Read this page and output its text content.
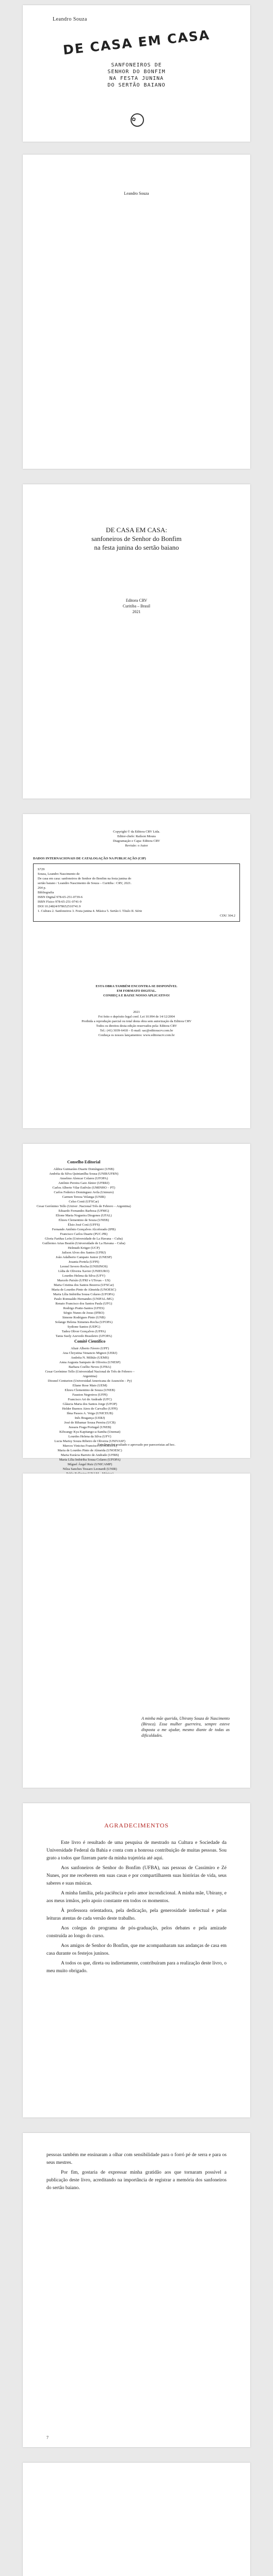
Leandro Souza
DE CASA EM CASA
SANFONEIROS DE
SENHOR DO BONFIM
NA FESTA JUNINA
DO SERTÃO BAIANO
✿
Leandro Souza
DE CASA EM CASA:
sanfoneiros de Senhor do Bonfim
na festa junina do sertão baiano
Editora CRV
Curitiba – Brasil
2021
Copyright © da Editora CRV Ltda.
Editor-chefe: Railson Moura
Diagramação e Capa: Editora CRV
Revisão: o Autor
DADOS INTERNACIONAIS DE CATALOGAÇÃO NA PUBLICAÇÃO (CIP)
S729
Souza, Leandro Nascimento de
De casa em casa: sanfoneiros de Senhor do Bonfim na festa junina do
sertão baiano / Leandro Nascimento de Souza – Curitiba : CRV, 2021.
264 p.
Bibliografia
ISBN Digital 978-65-251-0739-6
ISBN Físico 978-65-251-0741-9
DOI 10.24824/978652510741.9
1. Cultura 2. Sanfoneiros 3. Festa junina 4. Música 5. Sertão I. Título II. Série
CDU 304.2
ESTA OBRA TAMBÉM ENCONTRA-SE DISPONÍVEL
EM FORMATO DIGITAL.
CONHEÇA E BAIXE NOSSO APLICATIVO!
2021
Foi feito o depósito legal conf. Lei 10.994 de 14/12/2004
Proibida a reprodução parcial ou total desta obra sem autorização da Editora CRV
Todos os direitos desta edição reservados pela: Editora CRV
Tel.: (41) 3039-6418 – E-mail: sac@editoracrv.com.br
Conheça os nossos lançamentos: www.editoracrv.com.br
Conselho Editorial
Aldira Guimarães Duarte Domínguez (UNB)
Andréia da Silva Quintanilha Sousa (UNIR/UFRN)
Anselmo Alencar Colares (UFOPA)
Antônio Pereira Gaio Júnior (UFRRJ)
Carlos Alberto Vilar Estêvão (UMINHO – PT)
Carlos Federico Dominguez Avila (Unieuro)
Carmen Tereza Velanga (UNIR)
Celso Conti (UFSCar)
Cesar Gerónimo Tello (Univer .Nacional Três de Febrero – Argentina)
Eduardo Fernandes Barbosa (UFMG)
Elione Maria Nogueira Diogenes (UFAL)
Elizeu Clementino de Souza (UNEB)
Élsio José Corá (UFFS)
Fernando Antônio Gonçalves Alcoforado (IPB)
Francisco Carlos Duarte (PUC-PR)
Gloria Fariñas León (Universidade de La Havana – Cuba)
Guillermo Arias Beatón (Universidade de La Havana – Cuba)
Helmuth Krüger (UCP)
Jailson Alves dos Santos (UFRJ)
João Adalberto Campato Junior (UNESP)
Josania Portela (UFPI)
Leonel Severo Rocha (UNISINOS)
Lídia de Oliveira Xavier (UNIEURO)
Lourdes Helena da Silva (UFV)
Marcelo Paixão (UFRJ e UTexas – US)
Maria Cristina dos Santos Bezerra (UFSCar)
Maria de Lourdes Pinto de Almeida (UNOESC)
Maria Lília Imbiriba Sousa Colares (UFOPA)
Paulo Romualdo Hernandes (UNIFAL-MG)
Renato Francisco dos Santos Paula (UFG)
Rodrigo Pratte-Santos (UFES)
Sérgio Nunes de Jesus (IFRO)
Simone Rodrigues Pinto (UNB)
Solange Helena Ximenes-Rocha (UFOPA)
Sydione Santos (UEPG)
Tadeu Oliver Gonçalves (UFPA)
Tania Suely Azevedo Brasileiro (UFOPA)

Comitê Científico
Altair Alberto Fávero (UPF)
Ana Chrystina Venancio Mignot (UERJ)
Andréia N. Militão (UEMS)
Anna Augusta Sampaio de Oliveira (UNESP)
Barbara Coelho Neves (UFBA)
Cesar Gerónimo Tello (Universidad Nacional de Três de Febrero – Argentina)
Diosnel Centurion (Universidad Americana de Asunción – Py)
Eliane Rose Maio (UEM)
Elizeu Clementino de Souza (UNEB)
Fauston Negreiros (UFPI)
Francisco Ari de Andrade (UFC)
Gláucia Maria dos Santos Jorge (UFOP)
Helder Buenos Aires de Carvalho (UFPI)
Ilma Passos A. Veiga (UNICEUB)
Inês Bragança (UERJ)
José de Ribamar Sousa Pereira (UCB)
Jussara Fraga Portugal (UNEB)
Kilwangy Kya Kapitango-a-Samba (Unemat)
Lourdes Helena da Silva (UFV)
Lucia Marisy Souza Ribeiro de Oliveira (UNIVASF)
Marcos Vinicius Francisco (UNOESTE)
Maria de Lourdes Pinto de Almeida (UNOESC)
Maria Eurácia Barreto de Andrade (UFRB)
Maria Lília Imbiriba Sousa Colares (UFOPA)
Míguel Ángel Ruiz (UNICAMP)
Nilza Sanches Tessaro Leonardi (UNIR)
Este livro foi avaliado e aprovado por pareceristas ad hoc.
A minha mãe querida, Ubirany Souza de Nascimento (Biroca). Essa mulher guerreira, sempre esteve disposta a me ajudar, mesmo diante de todas as dificuldades.
AGRADECIMENTOS

Este livro é resultado de uma pesquisa de mestrado na Cultura e Sociedade da Universidade Federal da Bahia e conta com a honrosa contribuição de muitas pessoas. Sou grato a todos que fizeram parte da minha trajetória até aqui.

Aos sanfoneiros de Senhor do Bonfim (UFBA), nas pessoas de Cassimiro e Zé Nunes, por me receberem em suas casas e por compartilharem suas histórias de vida, seus saberes e suas músicas.

A minha família, pela paciência e pelo amor incondicional. A minha mãe, Ubirany, e aos meus irmãos, pelo apoio constante em todos os momentos.

À professora orientadora, pela dedicação, pela generosidade intelectual e pelas leituras atentas de cada versão deste trabalho.

Aos colegas do programa de pós-graduação, pelos debates e pela amizade construída ao longo do curso.

Aos amigos de Senhor do Bonfim, que me acompanharam nas andanças de casa em casa durante os festejos juninos.

A todos os que, direta ou indiretamente, contribuíram para a realização deste livro, o meu muito obrigado.

pessoas também me ensinaram a olhar com sensibilidade para o forró pé de serra e para os seus mestres.

Por fim, gostaria de expressar minha gratidão aos que tornaram possível a publicação deste livro, acreditando na importância de registrar a memória dos sanfoneiros do sertão baiano.

7
